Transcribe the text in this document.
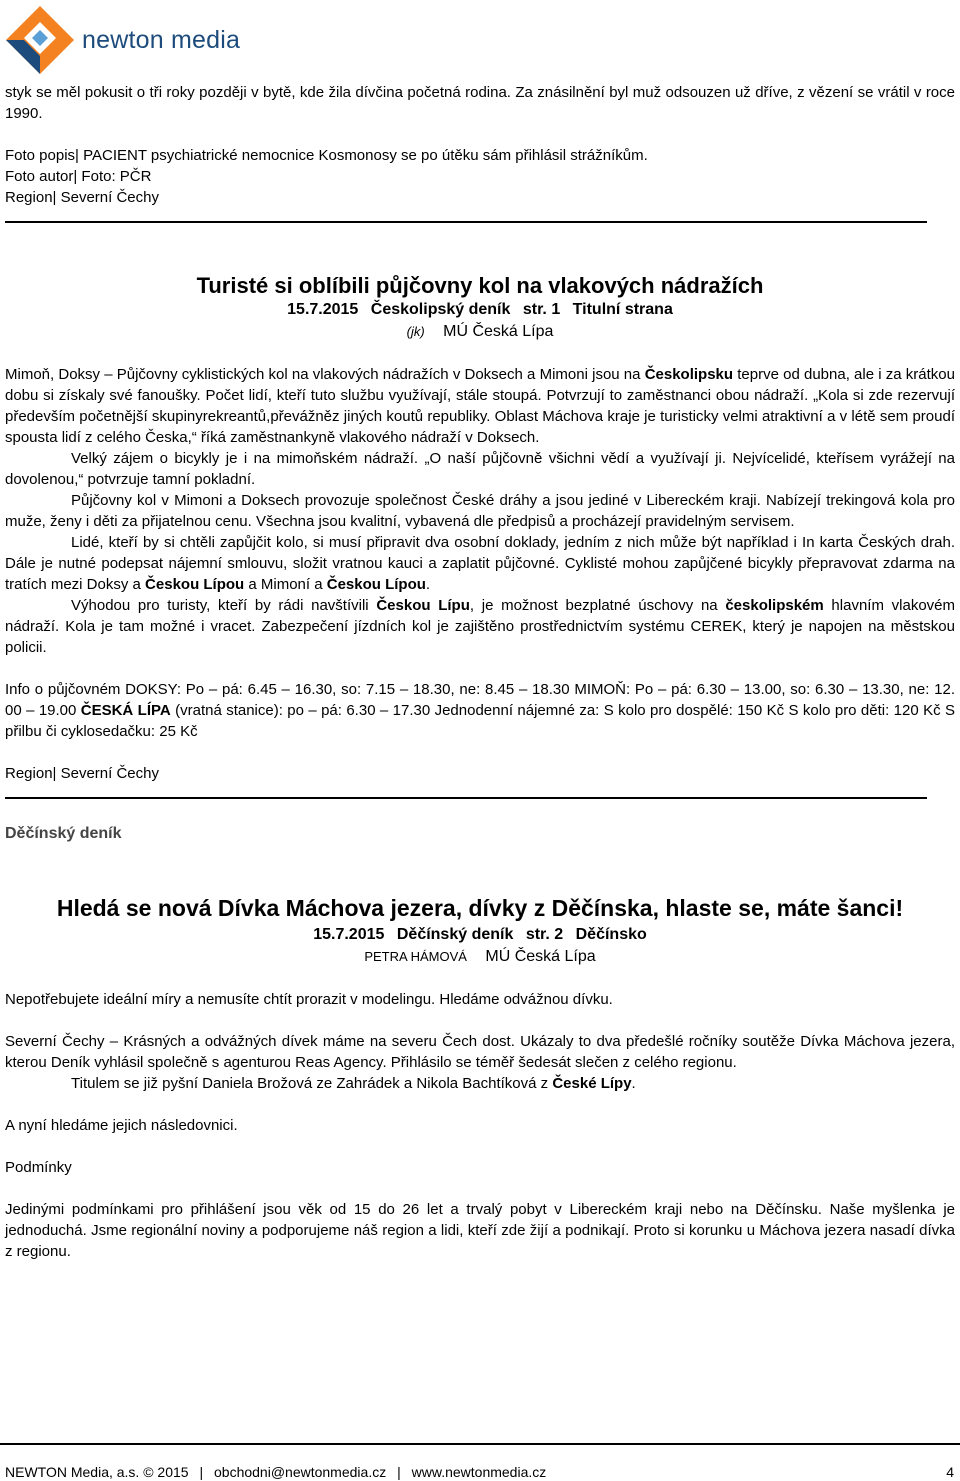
newton media

styk se měl pokusit o tři roky později v bytě, kde žila dívčina početná rodina. Za znásilnění byl muž odsouzen už dříve, z vězení se vrátil v roce 1990.

Foto popis| PACIENT psychiatrické nemocnice Kosmonosy se po útěku sám přihlásil strážníkům.

Foto autor| Foto: PČR

Region| Severní Čechy

Turisté si oblíbili půjčovny kol na vlakových nádražích
15.7.2015 Českolipský deník str. 1 Titulní strana
(jk) MÚ Česká Lípa

Mimoň, Doksy – Půjčovny cyklistických kol na vlakových nádražích v Doksech a Mimoni jsou na Českolipsku teprve od dubna, ale i za krátkou dobu si získaly své fanoušky. Počet lidí, kteří tuto službu využívají, stále stoupá. Potvrzují to zaměstnanci obou nádraží. „Kola si zde rezervují především početnější skupinyrekreantů,převážněz jiných koutů republiky. Oblast Máchova kraje je turisticky velmi atraktivní a v létě sem proudí spousta lidí z celého Česka,“ říká zaměstnankyně vlakového nádraží v Doksech.

Velký zájem o bicykly je i na mimoňském nádraží. „O naší půjčovně všichni vědí a využívají ji. Nejvícelidé, kteřísem vyrážejí na dovolenou,“ potvrzuje tamní pokladní.

Půjčovny kol v Mimoni a Doksech provozuje společnost České dráhy a jsou jediné v Libereckém kraji. Nabízejí trekingová kola pro muže, ženy i děti za přijatelnou cenu. Všechna jsou kvalitní, vybavená dle předpisů a procházejí pravidelným servisem.

Lidé, kteří by si chtěli zapůjčit kolo, si musí připravit dva osobní doklady, jedním z nich může být například i In karta Českých drah. Dále je nutné podepsat nájemní smlouvu, složit vratnou kauci a zaplatit půjčovné. Cyklisté mohou zapůjčené bicykly přepravovat zdarma na tratích mezi Doksy a Českou Lípou a Mimoní a Českou Lípou.

Výhodou pro turisty, kteří by rádi navštívili Českou Lípu, je možnost bezplatné úschovy na českolipském hlavním vlakovém nádraží. Kola je tam možné i vracet. Zabezpečení jízdních kol je zajištěno prostřednictvím systému CEREK, který je napojen na městskou policii.

Info o půjčovném DOKSY: Po – pá: 6.45 – 16.30, so: 7.15 – 18.30, ne: 8.45 – 18.30 MIMOŇ: Po – pá: 6.30 – 13.00, so: 6.30 – 13.30, ne: 12. 00 – 19.00 ČESKÁ LÍPA (vratná stanice): po – pá: 6.30 – 17.30 Jednodenní nájemné za: S kolo pro dospělé: 150 Kč S kolo pro děti: 120 Kč S přilbu či cyklosedačku: 25 Kč

Region| Severní Čechy

Děčínský deník
Hledá se nová Dívka Máchova jezera, dívky z Děčínska, hlaste se, máte šanci!
15.7.2015 Děčínský deník str. 2 Děčínsko
PETRA HÁMOVÁ MÚ Česká Lípa

Nepotřebujete ideální míry a nemusíte chtít prorazit v modelingu. Hledáme odvážnou dívku.

Severní Čechy – Krásných a odvážných dívek máme na severu Čech dost. Ukázaly to dva předešlé ročníky soutěže Dívka Máchova jezera, kterou Deník vyhlásil společně s agenturou Reas Agency. Přihlásilo se téměř šedesát slečen z celého regionu.

Titulem se již pyšní Daniela Brožová ze Zahrádek a Nikola Bachtíková z České Lípy.

A nyní hledáme jejich následovnici.

Podmínky

Jedinými podmínkami pro přihlášení jsou věk od 15 do 26 let a trvalý pobyt v Libereckém kraji nebo na Děčínsku. Naše myšlenka je jednoduchá. Jsme regionální noviny a podporujeme náš region a lidi, kteří zde žijí a podnikají. Proto si korunku u Máchova jezera nasadí dívka z regionu.

NEWTON Media, a.s. © 2015 | obchodni@newtonmedia.cz | www.newtonmedia.cz	4
